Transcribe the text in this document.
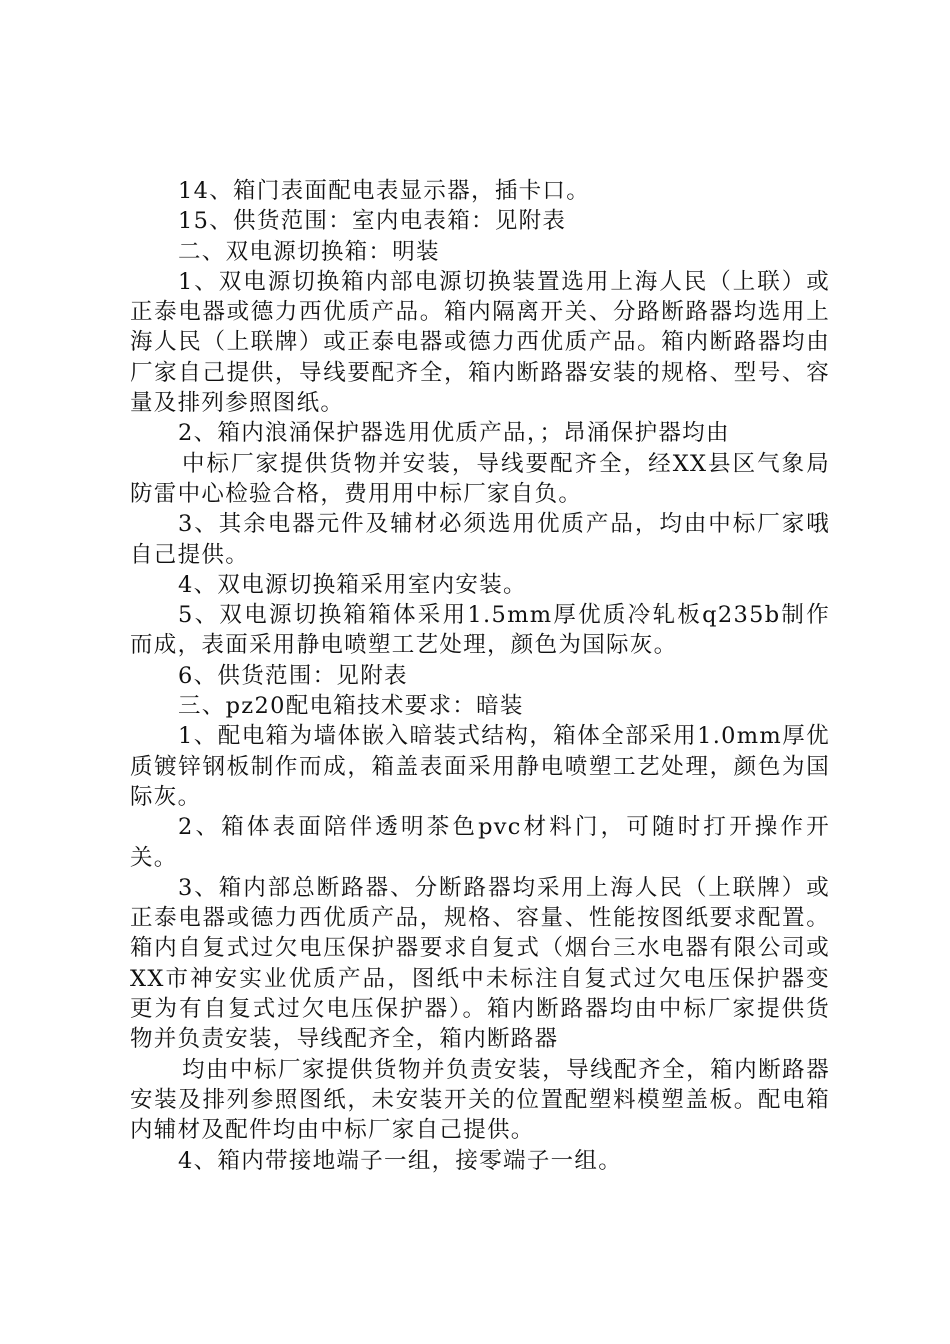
14、箱门表面配电表显示器，插卡口。

15、供货范围：室内电表箱：见附表

二、双电源切换箱：明装

1、双电源切换箱内部电源切换装置选用上海人民（上联）或正泰电器或德力西优质产品。箱内隔离开关、分路断路器均选用上海人民（上联牌）或正泰电器或德力西优质产品。箱内断路器均由厂家自己提供，导线要配齐全，箱内断路器安装的规格、型号、容量及排列参照图纸。

2、箱内浪涌保护器选用优质产品，；昂涌保护器均由

中标厂家提供货物并安装，导线要配齐全，经XX县区气象局防雷中心检验合格，费用用中标厂家自负。

3、其余电器元件及辅材必须选用优质产品，均由中标厂家哦自己提供。

4、双电源切换箱采用室内安装。

5、双电源切换箱箱体采用1.5mm厚优质冷轧板q235b制作而成，表面采用静电喷塑工艺处理，颜色为国际灰。

6、供货范围：见附表

三、pz20配电箱技术要求：暗装

1、配电箱为墙体嵌入暗装式结构，箱体全部采用1.0mm厚优质镀锌钢板制作而成，箱盖表面采用静电喷塑工艺处理，颜色为国际灰。

2、箱体表面陪伴透明茶色pvc材料门，可随时打开操作开关。

3、箱内部总断路器、分断路器均采用上海人民（上联牌）或正泰电器或德力西优质产品，规格、容量、性能按图纸要求配置。箱内自复式过欠电压保护器要求自复式（烟台三水电器有限公司或XX市神安实业优质产品，图纸中未标注自复式过欠电压保护器变更为有自复式过欠电压保护器）。箱内断路器均由中标厂家提供货物并负责安装，导线配齐全，箱内断路器

均由中标厂家提供货物并负责安装，导线配齐全，箱内断路器安装及排列参照图纸，未安装开关的位置配塑料模塑盖板。配电箱内辅材及配件均由中标厂家自己提供。

4、箱内带接地端子一组，接零端子一组。
